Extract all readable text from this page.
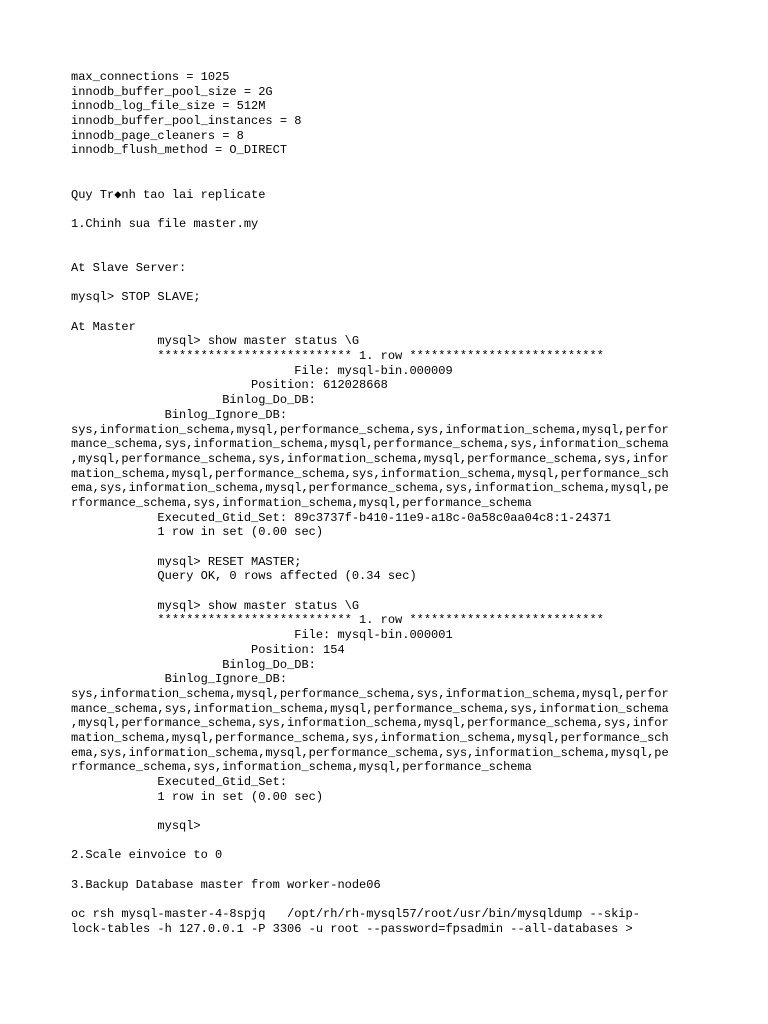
max_connections = 1025
innodb_buffer_pool_size = 2G
innodb_log_file_size = 512M
innodb_buffer_pool_instances = 8
innodb_page_cleaners = 8
innodb_flush_method = O_DIRECT
Quy Tr◆nh tao lai replicate
1.Chinh sua file master.my
At Slave Server:
mysql> STOP SLAVE;
At Master
mysql> show master status \G
*************************** 1. row ***************************
File: mysql-bin.000009
Position: 612028668
Binlog_Do_DB:
Binlog_Ignore_DB:
sys,information_schema,mysql,performance_schema,sys,information_schema,mysql,perfor
mance_schema,sys,information_schema,mysql,performance_schema,sys,information_schema
,mysql,performance_schema,sys,information_schema,mysql,performance_schema,sys,infor
mation_schema,mysql,performance_schema,sys,information_schema,mysql,performance_sch
ema,sys,information_schema,mysql,performance_schema,sys,information_schema,mysql,pe
rformance_schema,sys,information_schema,mysql,performance_schema
Executed_Gtid_Set: 89c3737f-b410-11e9-a18c-0a58c0aa04c8:1-24371
1 row in set (0.00 sec)
mysql> RESET MASTER;
Query OK, 0 rows affected (0.34 sec)
mysql> show master status \G
*************************** 1. row ***************************
File: mysql-bin.000001
Position: 154
Binlog_Do_DB:
Binlog_Ignore_DB:
sys,information_schema,mysql,performance_schema,sys,information_schema,mysql,perfor
mance_schema,sys,information_schema,mysql,performance_schema,sys,information_schema
,mysql,performance_schema,sys,information_schema,mysql,performance_schema,sys,infor
mation_schema,mysql,performance_schema,sys,information_schema,mysql,performance_sch
ema,sys,information_schema,mysql,performance_schema,sys,information_schema,mysql,pe
rformance_schema,sys,information_schema,mysql,performance_schema
Executed_Gtid_Set:
1 row in set (0.00 sec)
mysql>
2.Scale einvoice to 0
3.Backup Database master from worker-node06
oc rsh mysql-master-4-8spjq   /opt/rh/rh-mysql57/root/usr/bin/mysqldump --skip-
lock-tables -h 127.0.0.1 -P 3306 -u root --password=fpsadmin --all-databases >
